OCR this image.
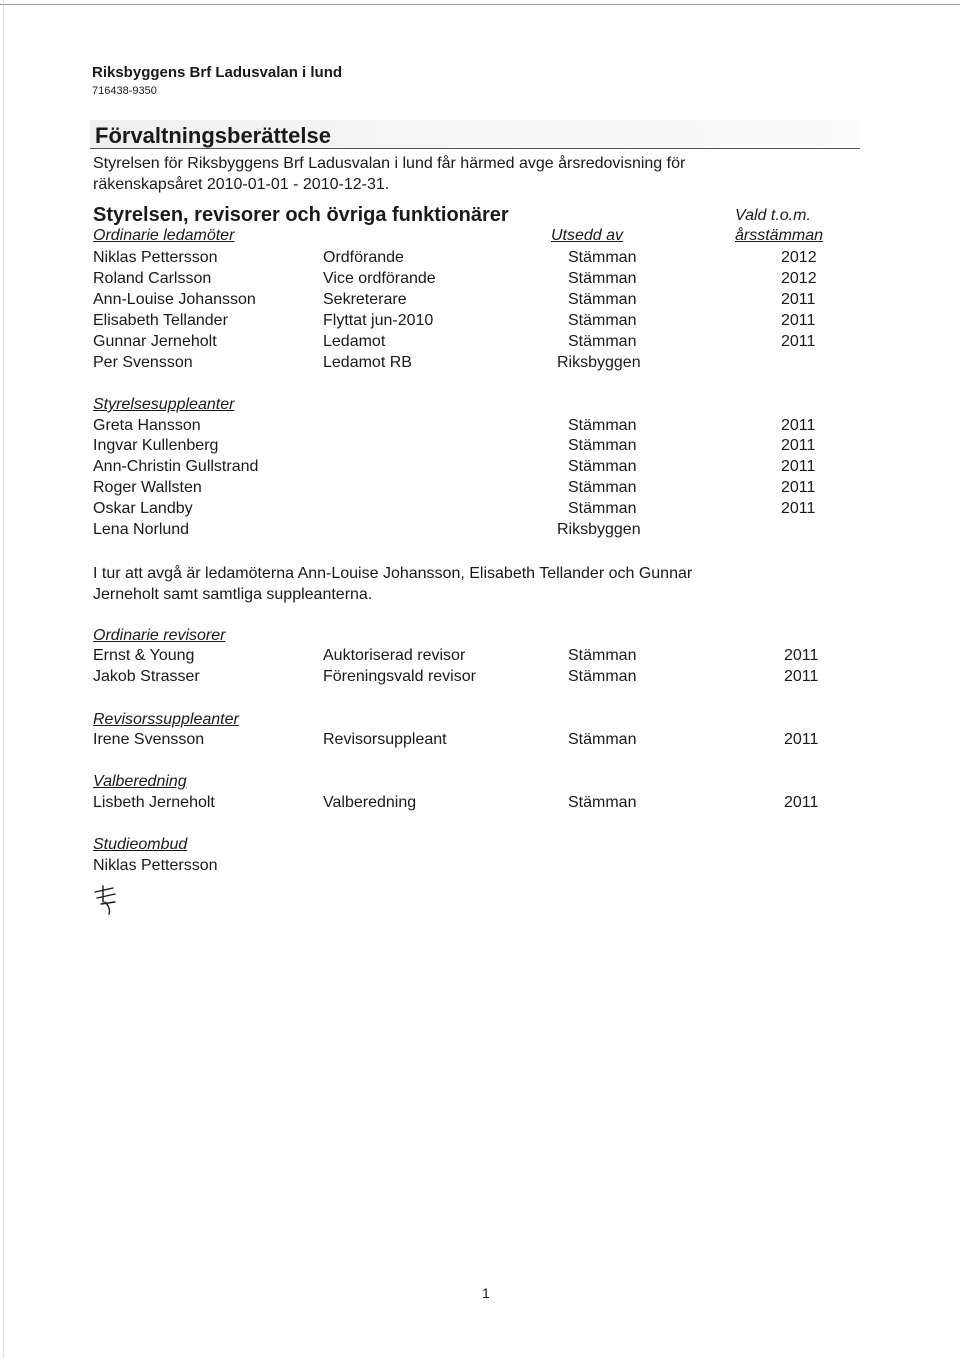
Riksbyggens Brf Ladusvalan i lund
716438-9350
Förvaltningsberättelse
Styrelsen för Riksbyggens Brf Ladusvalan i lund får härmed avge årsredovisning för räkenskapsåret 2010-01-01 - 2010-12-31.
Styrelsen, revisorer och övriga funktionärer	Vald t.o.m.
Ordinarie ledamöter	Utsedd av	årsstämman
Niklas Pettersson	Ordförande	Stämman	2012
Roland Carlsson	Vice ordförande	Stämman	2012
Ann-Louise Johansson	Sekreterare	Stämman	2011
Elisabeth Tellander	Flyttat jun-2010	Stämman	2011
Gunnar Jerneholt	Ledamot	Stämman	2011
Per Svensson	Ledamot RB	Riksbyggen
Styrelsesuppleanter
Greta Hansson	Stämman	2011
Ingvar Kullenberg	Stämman	2011
Ann-Christin Gullstrand	Stämman	2011
Roger Wallsten	Stämman	2011
Oskar Landby	Stämman	2011
Lena Norlund	Riksbyggen
I tur att avgå är ledamöterna Ann-Louise Johansson, Elisabeth Tellander och Gunnar Jerneholt samt samtliga suppleanterna.
Ordinarie revisorer
Ernst & Young	Auktoriserad revisor	Stämman	2011
Jakob Strasser	Föreningsvald revisor	Stämman	2011
Revisorssuppleanter
Irene Svensson	Revisorsuppleant	Stämman	2011
Valberedning
Lisbeth Jerneholt	Valberedning	Stämman	2011
Studieombud
Niklas Pettersson
1
